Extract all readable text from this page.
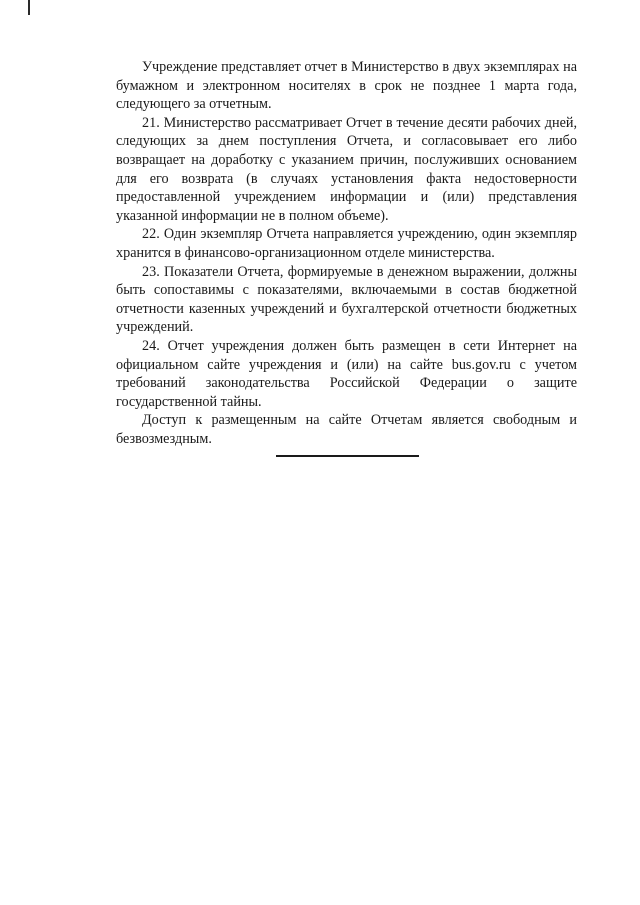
Учреждение представляет отчет в Министерство в двух экземплярах на бумажном и электронном носителях в срок не позднее 1 марта года, следующего за отчетным.

21. Министерство рассматривает Отчет в течение десяти рабочих дней, следующих за днем поступления Отчета, и согласовывает его либо возвращает на доработку с указанием причин, послуживших основанием для его возврата (в случаях установления факта недостоверности предоставленной учреждением информации и (или) представления указанной информации не в полном объеме).

22. Один экземпляр Отчета направляется учреждению, один экземпляр хранится в финансово-организационном отделе министерства.

23. Показатели Отчета, формируемые в денежном выражении, должны быть сопоставимы с показателями, включаемыми в состав бюджетной отчетности казенных учреждений и бухгалтерской отчетности бюджетных учреждений.

24. Отчет учреждения должен быть размещен в сети Интернет на официальном сайте учреждения и (или) на сайте bus.gov.ru с учетом требований законодательства Российской Федерации о защите государственной тайны.

Доступ к размещенным на сайте Отчетам является свободным и безвозмездным.
